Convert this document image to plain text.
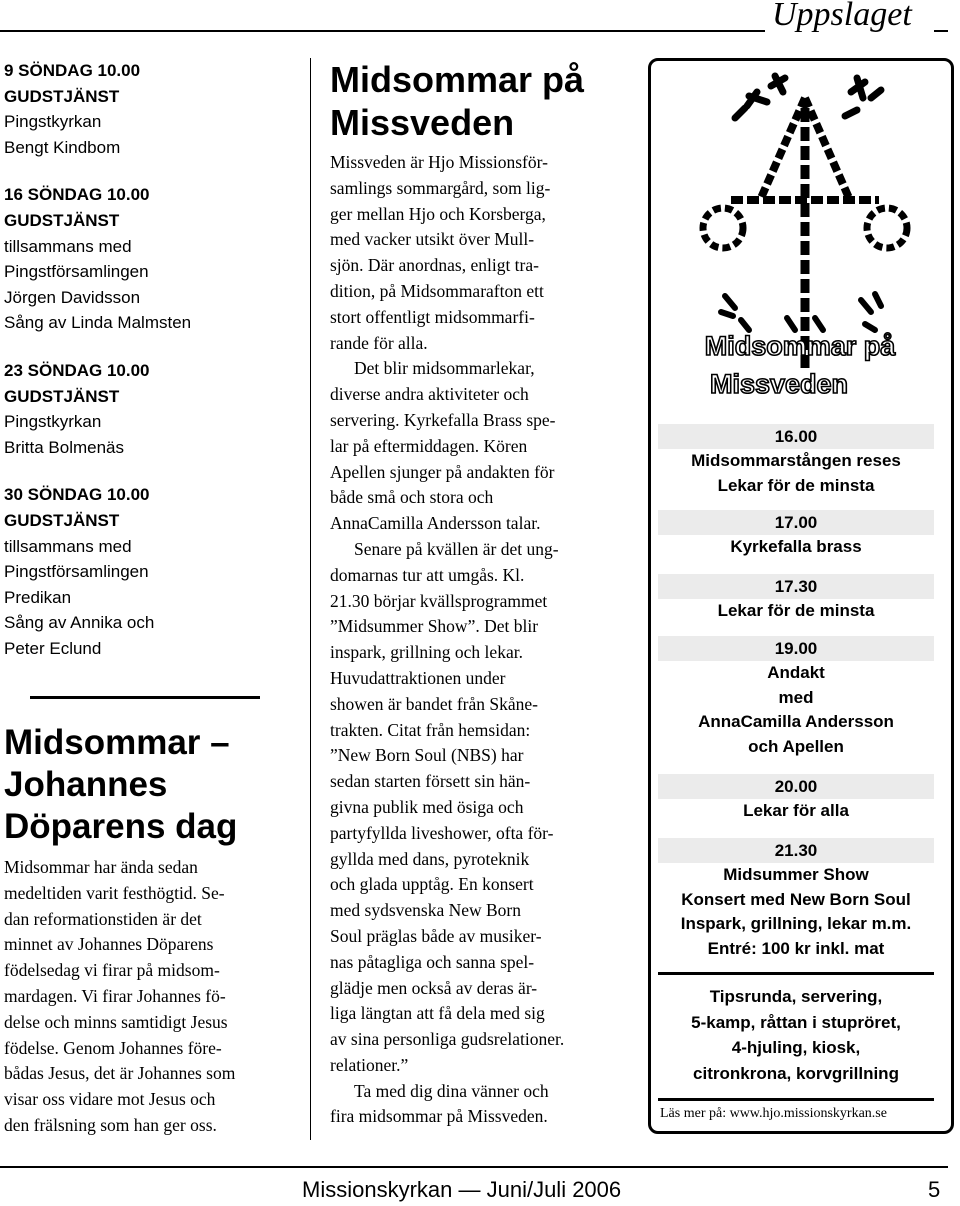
Uppslaget
9 SÖNDAG 10.00
GUDSTJÄNST
Pingstkyrkan
Bengt Kindbom
16 SÖNDAG 10.00
GUDSTJÄNST
tillsammans med
Pingstförsamlingen
Jörgen Davidsson
Sång av Linda Malmsten
23 SÖNDAG 10.00
GUDSTJÄNST
Pingstkyrkan
Britta Bolmenäs
30 SÖNDAG 10.00
GUDSTJÄNST
tillsammans med
Pingstförsamlingen
Predikan
Sång av Annika och
Peter Eclund
Midsommar –
Johannes
Döparens dag
Midsommar har ända sedan
medeltiden varit festhögtid. Se-
dan reformationstiden är det
minnet av Johannes Döparens
födelsedag vi firar på midsom-
mardagen. Vi firar Johannes fö-
delse och minns samtidigt Jesus
födelse. Genom Johannes före-
bådas Jesus, det är Johannes som
visar oss vidare mot Jesus och
den frälsning som han ger oss.
Midsommar på
Missveden
Missveden är Hjo Missionsför-
samlings sommargård, som lig-
ger mellan Hjo och Korsberga,
med vacker utsikt över Mull-
sjön. Där anordnas, enligt tra-
dition, på Midsommarafton ett
stort offentligt midsommarfi-
rande för alla.
Det blir midsommarlekar,
diverse andra aktiviteter och
servering. Kyrkefalla Brass spe-
lar på eftermiddagen. Kören
Apellen sjunger på andakten för
både små och stora och
AnnaCamilla Andersson talar.
Senare på kvällen är det ung-
domarnas tur att umgås. Kl.
21.30 börjar kvällsprogrammet
”Midsummer Show”. Det blir
inspark, grillning och lekar.
Huvudattraktionen under
showen är bandet från Skåne-
trakten. Citat från hemsidan:
”New Born Soul (NBS) har
sedan starten försett sin hän-
givna publik med ösiga och
partyfyllda liveshower, ofta för-
gyllda med dans, pyroteknik
och glada upptåg. En konsert
med sydsvenska New Born
Soul präglas både av musiker-
nas påtagliga och sanna spel-
glädje men också av deras är-
liga längtan att få dela med sig
av sina personliga gudsrelationer.
relationer.”
Ta med dig dina vänner och
fira midsommar på Missveden.
Midsommar på
Missveden
Tipsrunda, servering,
5-kamp, råttan i stupröret,
4-hjuling, kiosk,
citronkrona, korvgrillning
Läs mer på: www.hjo.missionskyrkan.se
Missionskyrkan — Juni/Juli 2006	5
16.00
Midsommarstången reses
Lekar för de minsta
17.00
Kyrkefalla brass
17.30
Lekar för de minsta
19.00
Andakt
med
AnnaCamilla Andersson
och Apellen
20.00
Lekar för alla
21.30
Midsummer Show
Konsert med New Born Soul
Inspark, grillning, lekar m.m.
Entré: 100 kr inkl. mat
